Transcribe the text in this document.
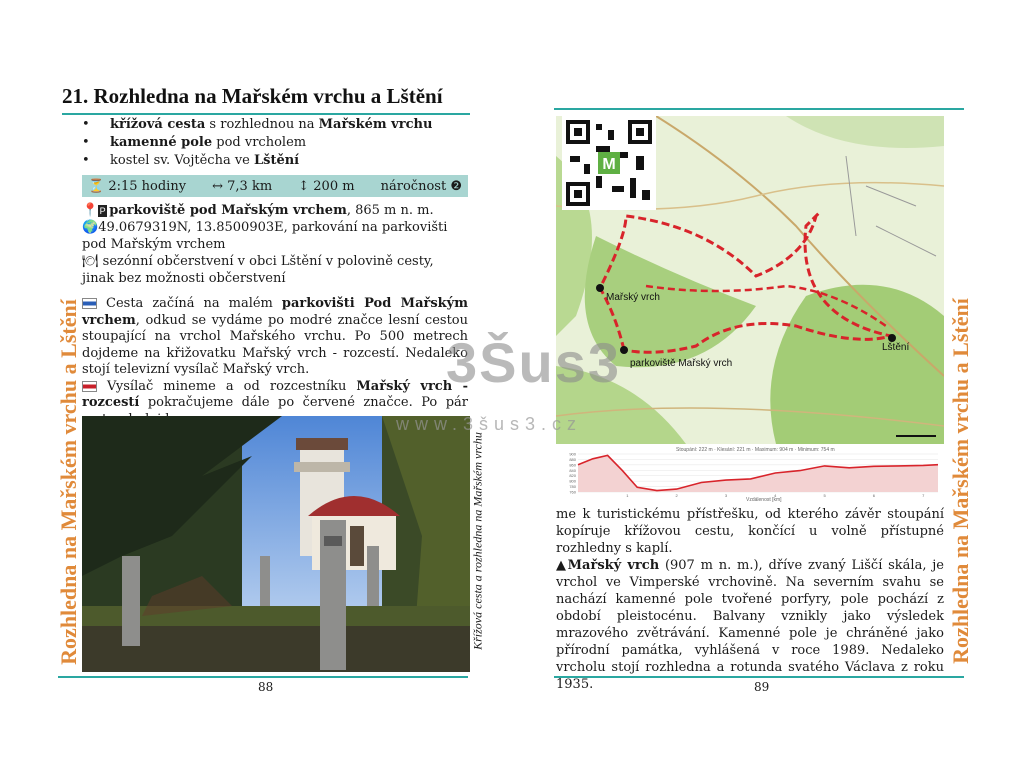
21. Rozhledna na Mařském vrchu a Lštění
• křížová cesta s rozhlednou na Mařském vrchu
• kamenné pole pod vrcholem
• kostel sv. Vojtěcha ve Lštění
⏳ 2:15 hodiny ↔ 7,3 km ↕ 200 m náročnost ❷
📍P parkoviště pod Mařským vrchem, 865 m n. m.
🌍49.0679319N, 13.8500903E, parkování na parkovišti pod Mařským vrchem
🍽 sezónní občerstvení v obci Lštění v polovině cesty, jinak bez možnosti občerstvení
Rozhledna na Mařském vrchu a Lštění	Cesta začíná na malém parkovišti Pod Mařským vrchem, odkud se vydáme po modré značce lesní cestou stoupající na vrchol Mařského vrchu. Po 500 metrech dojdeme na křižovatku Mařský vrch - rozcestí. Nedaleko stojí televizní vysílač Mařský vrch.
Vysílač mineme a od rozcestníku Mařský vrch - rozcestí pokračujeme dále po červené značce. Po pár
Křížová cesta a rozhledna na Mařském vrchu
88
M
Mařský vrch
parkoviště Mařský vrch
Lštění
Stoupání: 222 m · Klesání: 221 m · Maximum: 904 m · Minimum: 754 m
900
880
860
840
820
800
780
760
1	2	3	4	5	6	7
Vzdálenost [km]
me k turistickému přístřešku, od kterého závěr stoupání kopíruje křížovou cestu, končící u volně přístupné rozhledny s kaplí.
▲Mařský vrch (907 m n. m.), dříve zvaný Liščí skála, je vrchol ve Vimperské vrchovině. Na severním svahu se nachází kamenné pole tvořené porfyry, pole pochází z období pleistocénu. Balvany vznikly jako výsledek mrazového zvětrávání. Kamenné pole je chráněné jako přírodní památka, vyhlášená v roce 1989. Nedaleko vrcholu stojí rozhledna a rotunda svatého Václava z roku 1935.
Rozhledna na Mařském vrchu a Lštění
89
3Šus3
www.3šus3.cz
